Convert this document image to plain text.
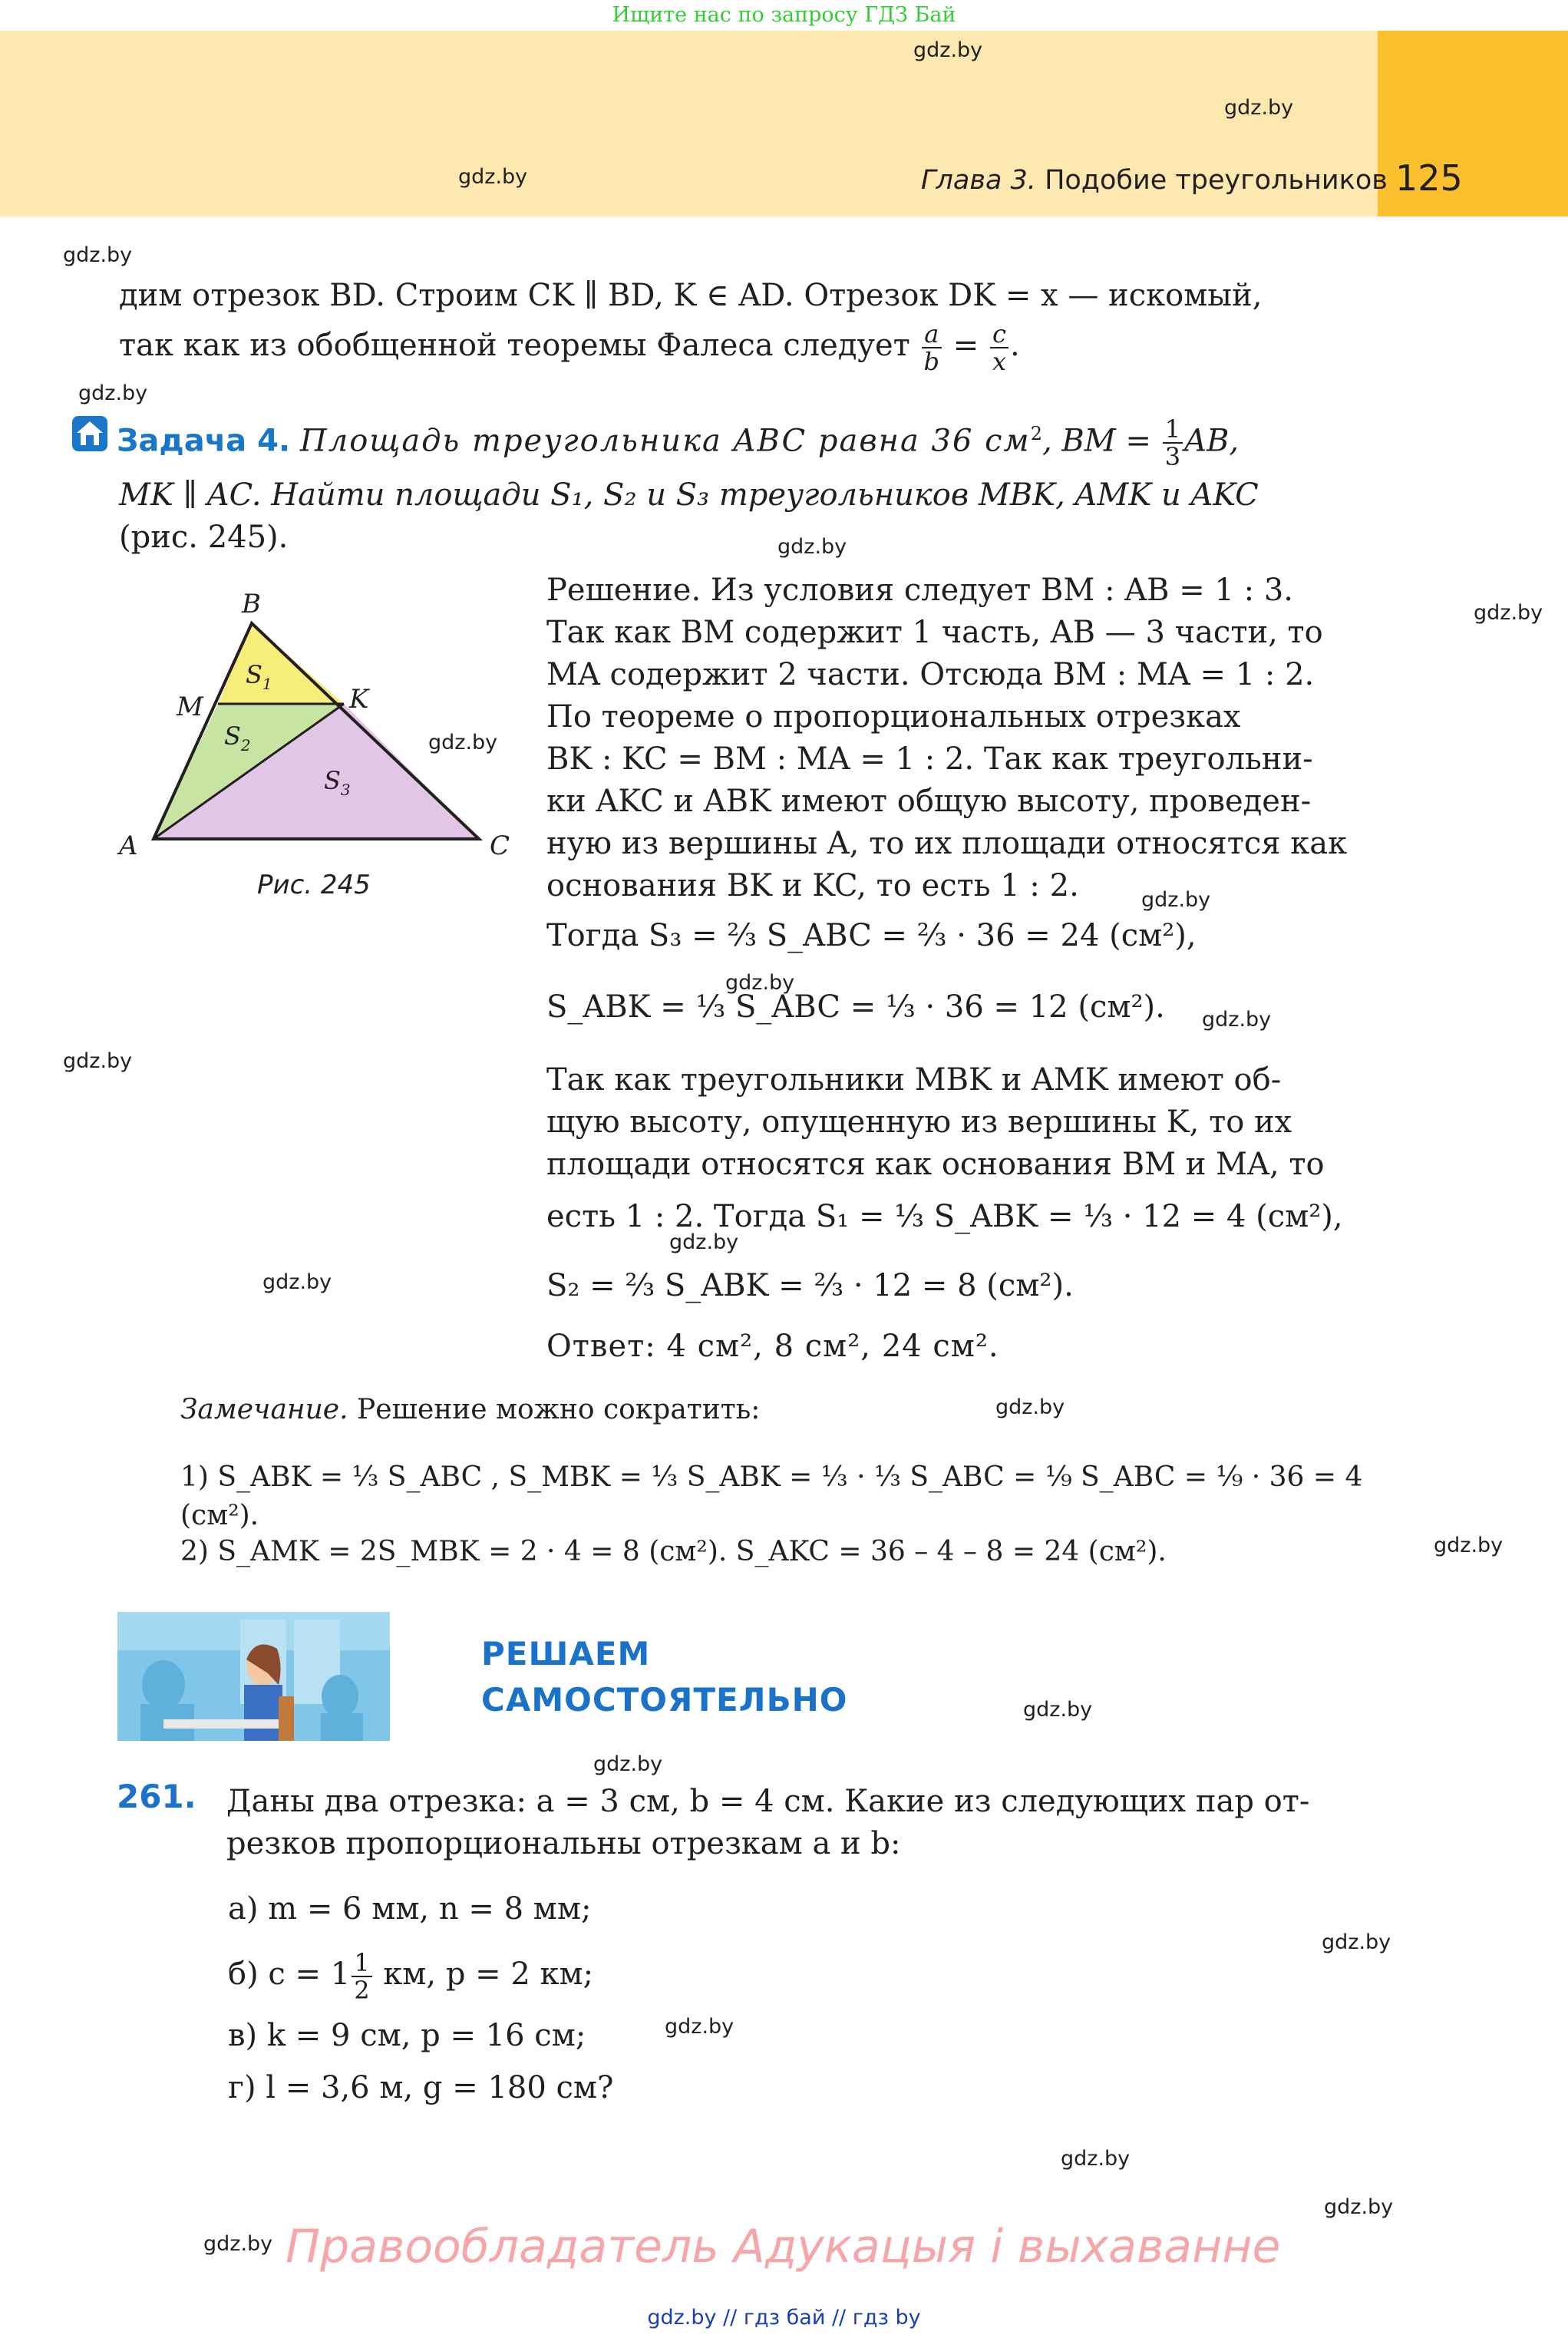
Ищите нас по запросу ГДЗ Бай
125
Глава 3. Подобие треугольников
gdz.by
gdz.by
gdz.by
gdz.by
gdz.by
gdz.by
gdz.by
gdz.by
gdz.by
gdz.by
gdz.by
gdz.by
gdz.by
gdz.by
gdz.by
gdz.by
gdz.by
gdz.by
gdz.by
gdz.by
gdz.by
gdz.by
gdz.by
дим отрезок BD. Строим CK ∥ BD, K ∈ AD. Отрезок DK = x — искомый,
так как из обобщенной теоремы Фалеса следует $\frac{a}{b} = \frac{c}{x}$ .
Задача 4. Площадь треугольника ABC равна 36 $см^2$, BM = $\frac{1}{3}$ AB,
MK ∥ AC. Найти площади S₁, S₂ и S₃ треугольников MBK, AMK и AKC
(рис. 245).
B
M	K
A	C
$S_1$
$S_2$
$S_3$
Рис. 245
Решение. Из условия следует BM : AB = 1 : 3.
Так как BM содержит 1 часть, AB — 3 части, то
MA содержит 2 части. Отсюда BM : MA = 1 : 2.
По теореме о пропорциональных отрезках
BK : KC = BM : MA = 1 : 2. Так как треугольни-
ки AKC и ABK имеют общую высоту, проведен-
ную из вершины A, то их площади относятся как
основания BK и KC, то есть 1 : 2.
Тогда S₃ = ⅔ S_ABC = ⅔ · 36 = 24 (см²),
S_ABK = ⅓ S_ABC = ⅓ · 36 = 12 (см²).
Так как треугольники MBK и AMK имеют об-
щую высоту, опущенную из вершины K, то их
площади относятся как основания BM и MA, то
есть 1 : 2. Тогда S₁ = ⅓ S_ABK = ⅓ · 12 = 4 (см²),
S₂ = ⅔ S_ABK = ⅔ · 12 = 8 (см²).
Ответ: 4 см², 8 см², 24 см².
Замечание. Решение можно сократить:
1) S_ABK = ⅓ S_ABC , S_MBK = ⅓ S_ABK = ⅓ · ⅓ S_ABC = ⅑ S_ABC = ⅑ · 36 = 4 (см²).
2) S_AMK = 2S_MBK = 2 · 4 = 8 (см²). S_AKC = 36 – 4 – 8 = 24 (см²).
РЕШАЕМ
САМОСТОЯТЕЛЬНО
261. Даны два отрезка: a = 3 см, b = 4 см. Какие из следующих пар от-
резков пропорциональны отрезкам a и b:
а) m = 6 мм, n = 8 мм;
б) $c = 1 \frac{1}{2}$ км, p = 2 км;
в) k = 9 см, p = 16 см;
г) l = 3,6 м, g = 180 см?
Правообладатель Адукацыя і выхаванне
gdz.by // гдз бай // гдз by
